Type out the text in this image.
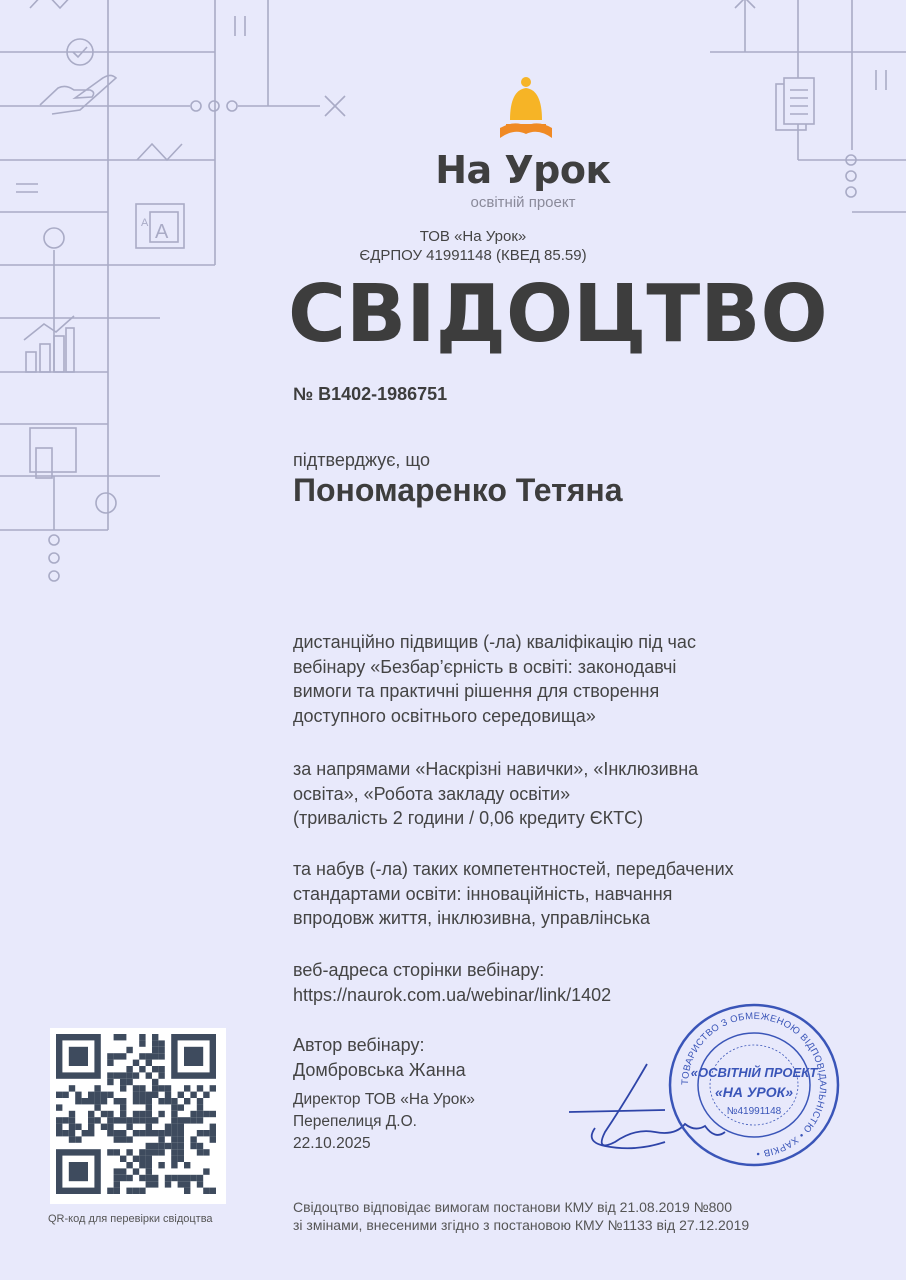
A A
На Урок
освітній проект
ТОВ «На Урок»
ЄДРПОУ 41991148 (КВЕД 85.59)
СВІДОЦТВО
№ В1402-1986751
підтверджує, що
Пономаренко Тетяна
дистанційно підвищив (-ла) кваліфікацію під час
вебінару «Безбар’єрність в освіті: законодавчі
вимоги та практичні рішення для створення
доступного освітнього середовища»
за напрямами «Наскрізні навички», «Інклюзивна
освіта», «Робота закладу освіти»
(тривалість 2 години / 0,06 кредиту ЄКТС)
та набув (-ла) таких компетентностей, передбачених
стандартами освіти: інноваційність, навчання
впродовж життя, інклюзивна, управлінська
веб-адреса сторінки вебінару:
https://naurok.com.ua/webinar/link/1402
Автор вебінару:
Домбровська Жанна
Директор ТОВ «На Урок»
Перепелиця Д.О.
22.10.2025
ТОВАРИСТВО З ОБМЕЖЕНОЮ ВІДПОВІДАЛЬНІСТЮ • ХАРКІВ •
«ОСВІТНІЙ ПРОЕКТ
«НА УРОК»
№41991148
QR-код для перевірки свідоцтва
Свідоцтво відповідає вимогам постанови КМУ від 21.08.2019 №800
зі змінами, внесеними згідно з постановою КМУ №1133 від 27.12.2019
